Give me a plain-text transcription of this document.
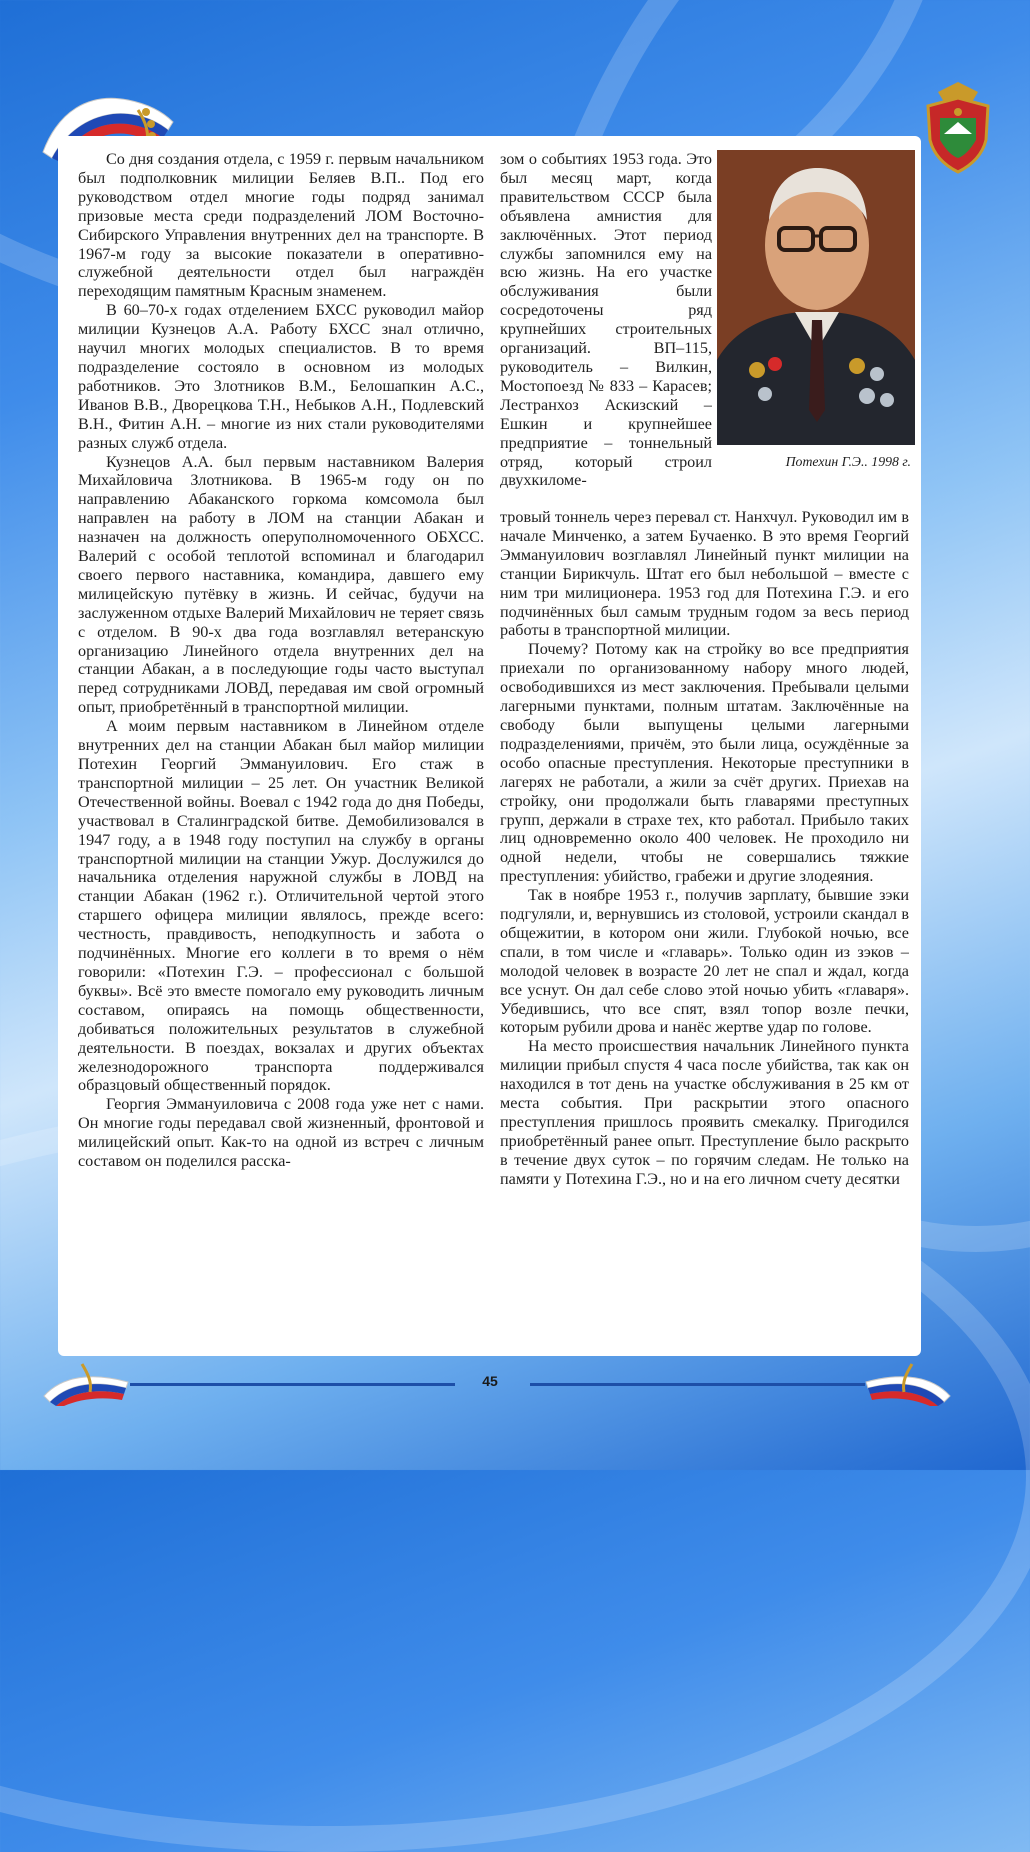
Со дня создания отдела, с 1959 г. первым начальником был подполковник милиции Беляев В.П.. Под его руководством отдел многие годы подряд занимал призовые места среди подразделений ЛОМ Восточно-Сибирского Управления внутренних дел на транспорте. В 1967-м году за высокие показатели в оперативно-служебной деятельности отдел был награждён переходящим памятным Красным знаменем.

В 60–70-х годах отделением БХСС руководил майор милиции Кузнецов А.А. Работу БХСС знал отлично, научил многих молодых специалистов. В то время подразделение состояло в основном из молодых работников. Это Злотников В.М., Белошапкин А.С., Иванов В.В., Дворецкова Т.Н., Небыков А.Н., Подлевский В.Н., Фитин А.Н. – многие из них стали руководителями разных служб отдела.

Кузнецов А.А. был первым наставником Валерия Михайловича Злотникова. В 1965-м году он по направлению Абаканского горкома комсомола был направлен на работу в ЛОМ на станции Абакан и назначен на должность оперуполномоченного ОБХСС. Валерий с особой теплотой вспоминал и благодарил своего первого наставника, командира, давшего ему милицейскую путёвку в жизнь. И сейчас, будучи на заслуженном отдыхе Валерий Михайлович не теряет связь с отделом. В 90-х два года возглавлял ветеранскую организацию Линейного отдела внутренних дел на станции Абакан, а в последующие годы часто выступал перед сотрудниками ЛОВД, передавая им свой огромный опыт, приобретённый в транспортной милиции.

А моим первым наставником в Линейном отделе внутренних дел на станции Абакан был майор милиции Потехин Георгий Эммануилович. Его стаж в транспортной милиции – 25 лет. Он участник Великой Отечественной войны. Воевал с 1942 года до дня Победы, участвовал в Сталинградской битве. Демобилизовался в 1947 году, а в 1948 году поступил на службу в органы транспортной милиции на станции Ужур. Дослужился до начальника отделения наружной службы в ЛОВД на станции Абакан (1962 г.). Отличительной чертой этого старшего офицера милиции являлось, прежде всего: честность, правдивость, неподкупность и забота о подчинённых. Многие его коллеги в то время о нём говорили: «Потехин Г.Э. – профессионал с большой буквы». Всё это вместе помогало ему руководить личным составом, опираясь на помощь общественности, добиваться положительных результатов в служебной деятельности. В поездах, вокзалах и других объектах железнодорожного транспорта поддерживался образцовый общественный порядок.

Георгия Эммануиловича с 2008 года уже нет с нами. Он многие годы передавал свой жизненный, фронтовой и милицейский опыт. Как-то на одной из встреч с личным составом он поделился расска-

зом о событиях 1953 года. Это был месяц март, когда правительством СССР была объявлена амнистия для заключённых. Этот период службы запомнился ему на всю жизнь. На его участке обслуживания были сосредоточены ряд крупнейших строительных организаций. ВП–115, руководитель – Вилкин, Мостопоезд № 833 – Карасев; Лестранхоз Аскизский – Ешкин и крупнейшее предприятие – тоннельный отряд, который строил двухкиломе-

Потехин Г.Э.. 1998 г.

тровый тоннель через перевал ст. Нанхчул. Руководил им в начале Минченко, а затем Бучаенко. В это время Георгий Эммануилович возглавлял Линейный пункт милиции на станции Бирикчуль. Штат его был небольшой – вместе с ним три милиционера. 1953 год для Потехина Г.Э. и его подчинённых был самым трудным годом за весь период работы в транспортной милиции.

Почему? Потому как на стройку во все предприятия приехали по организованному набору много людей, освободившихся из мест заключения. Пребывали целыми лагерными пунктами, полным штатам. Заключённые на свободу были выпущены целыми лагерными подразделениями, причём, это были лица, осуждённые за особо опасные преступления. Некоторые преступники в лагерях не работали, а жили за счёт других. Приехав на стройку, они продолжали быть главарями преступных групп, держали в страхе тех, кто работал. Прибыло таких лиц одновременно около 400 человек. Не проходило ни одной недели, чтобы не совершались тяжкие преступления: убийство, грабежи и другие злодеяния.

Так в ноябре 1953 г., получив зарплату, бывшие зэки подгуляли, и, вернувшись из столовой, устроили скандал в общежитии, в котором они жили. Глубокой ночью, все спали, в том числе и «главарь». Только один из зэков – молодой человек в возрасте 20 лет не спал и ждал, когда все уснут. Он дал себе слово этой ночью убить «главаря». Убедившись, что все спят, взял топор возле печки, которым рубили дрова и нанёс жертве удар по голове.

На место происшествия начальник Линейного пункта милиции прибыл спустя 4 часа после убийства, так как он находился в тот день на участке обслуживания в 25 км от места события. При раскрытии этого опасного преступления пришлось проявить смекалку. Пригодился приобретённый ранее опыт. Преступление было раскрыто в течение двух суток – по горячим следам. Не только на памяти у Потехина Г.Э., но и на его личном счету десятки

45
